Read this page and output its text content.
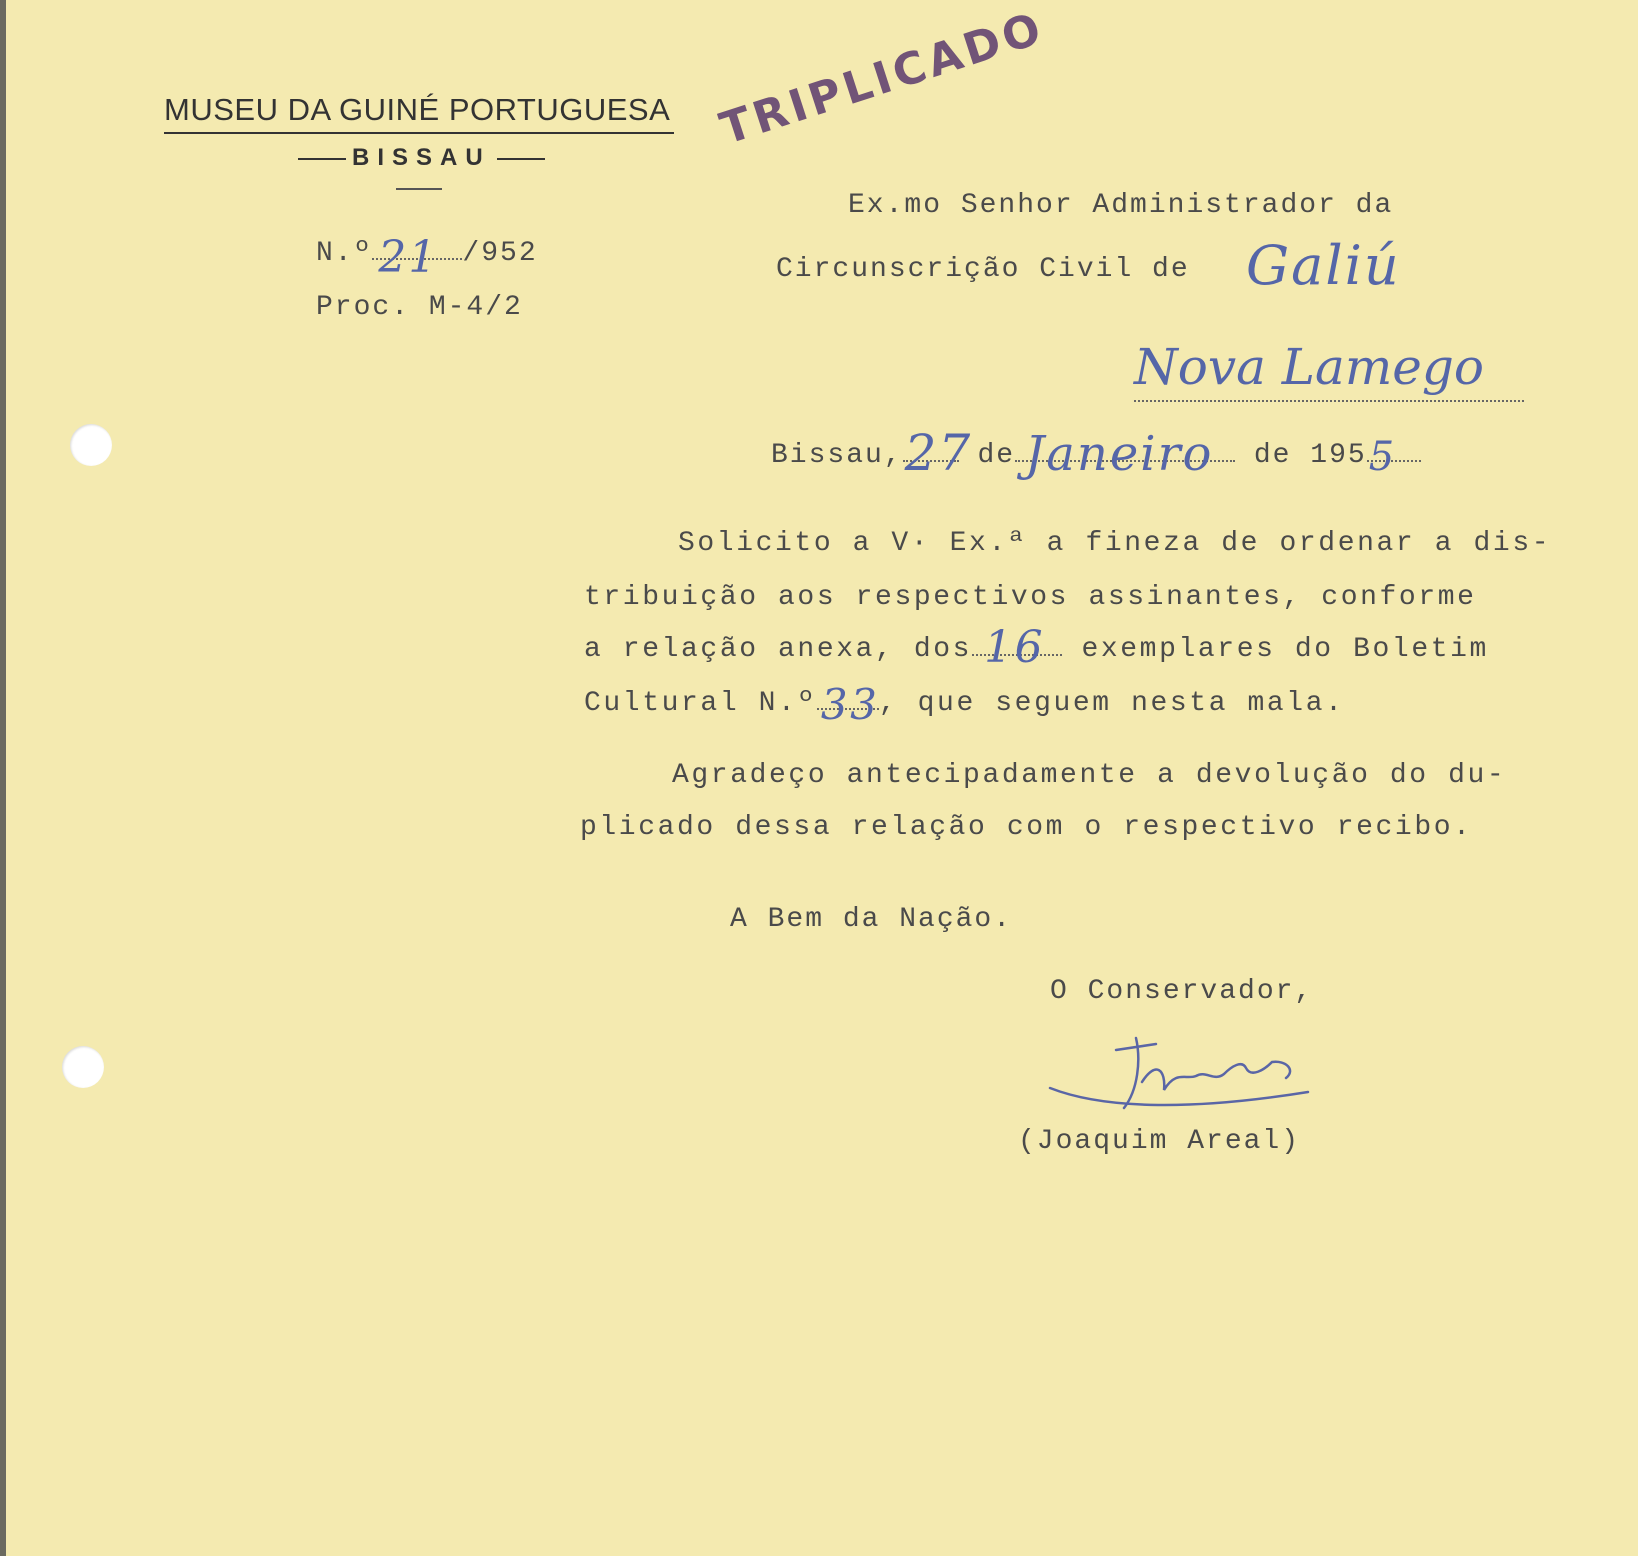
MUSEU DA GUINÉ PORTUGUESA
BISSAU
TRIPLICADO
N.º 21 /952
Proc. M-4/2
Ex.mo Senhor Administrador da
Circunscrição Civil de Galiú
Nova Lamego
Bissau, 27 de Janeiro de 195 5
Solicito a V· Ex.ª a fineza de ordenar a dis-
tribuição aos respectivos assinantes, conforme
a relação anexa, dos 16 exemplares do Boletim
Cultural N.º 33 , que seguem nesta mala.
Agradeço antecipadamente a devolução do du-
plicado dessa relação com o respectivo recibo.
A Bem da Nação.
O Conservador,
(Joaquim Areal)
